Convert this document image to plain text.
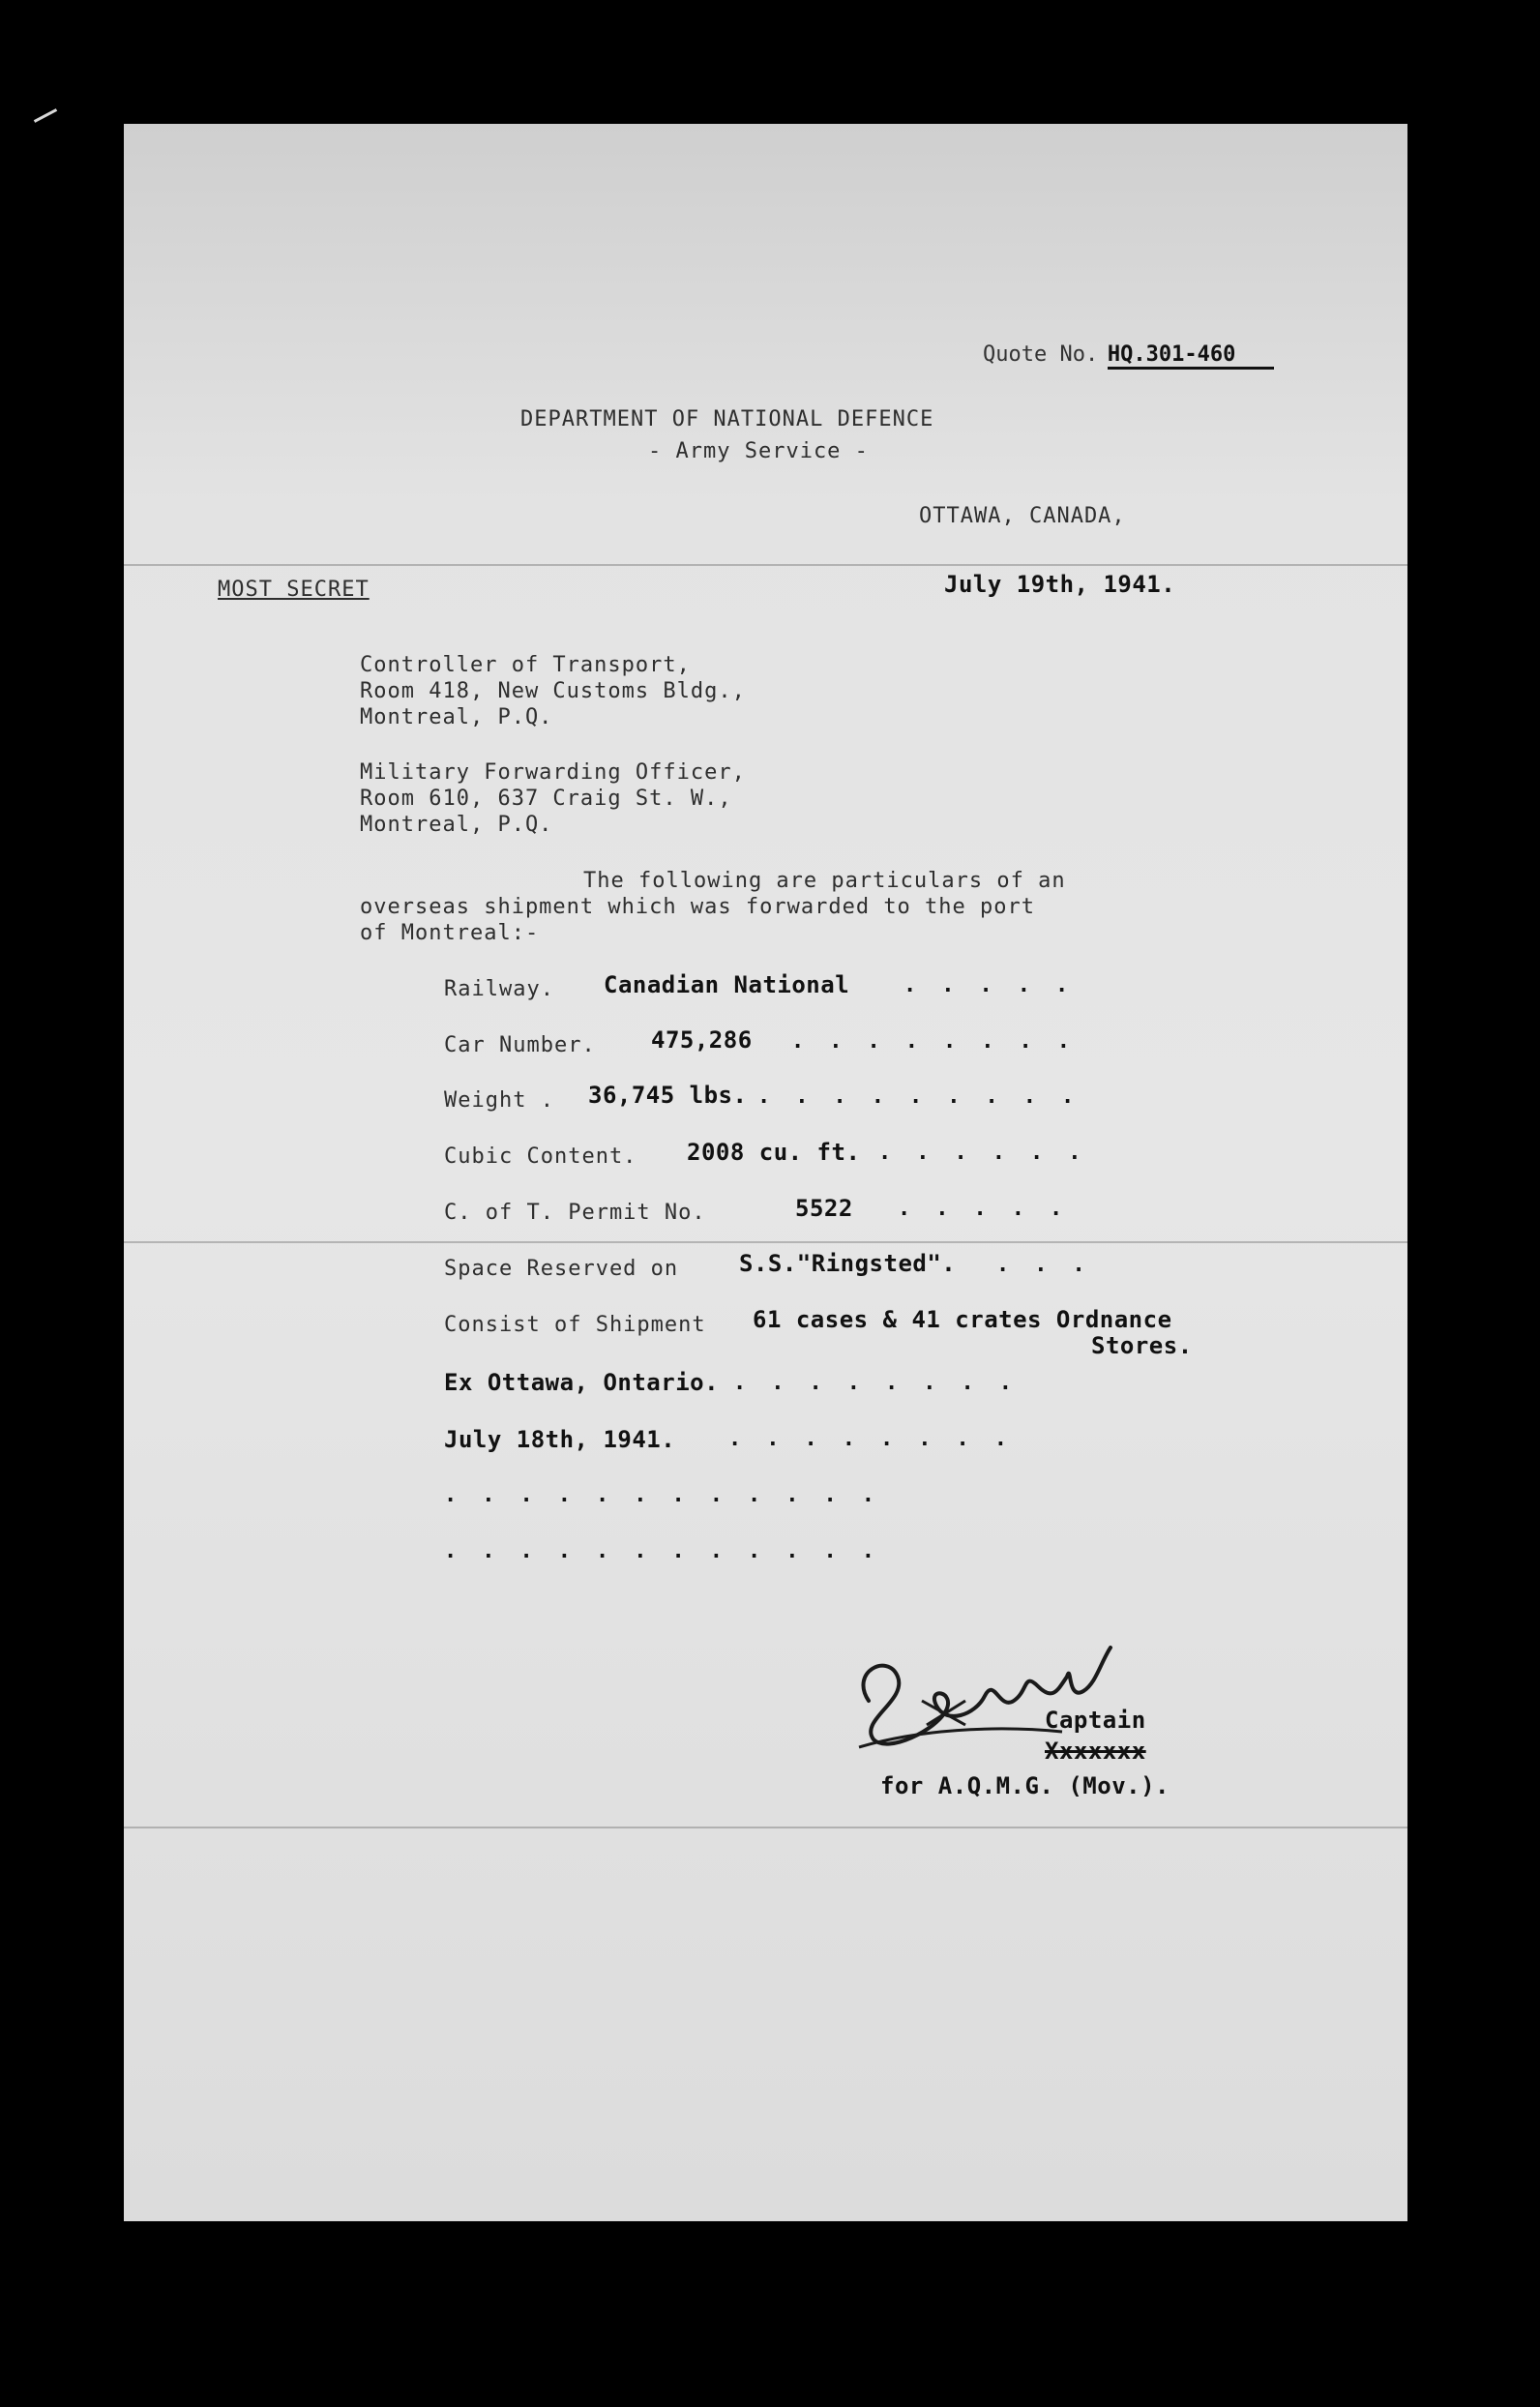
Quote No. HQ.301-460
DEPARTMENT OF NATIONAL DEFENCE
- Army Service -
OTTAWA, CANADA,
MOST SECRET	July 19th, 1941.
Controller of Transport,
Room 418, New Customs Bldg.,
Montreal, P.Q.
Military Forwarding Officer,
Room 610, 637 Craig St. W.,
Montreal, P.Q.
The following are particulars of an
overseas shipment which was forwarded to the port
of Montreal:-
Railway. Canadian National	.....
Car Number. 475,286 ........
Weight . 36,745 lbs. .........
Cubic Content. 2008 cu. ft. ......
C. of T. Permit No.	5522 .....
Space Reserved on	S.S."Ringsted". ...
Consist of Shipment 61 cases & 41 crates Ordnance
Stores.
Ex Ottawa, Ontario. ........
July 18th, 1941. ........
............
............
Captain
Xxxxxxx
for A.Q.M.G. (Mov.).
